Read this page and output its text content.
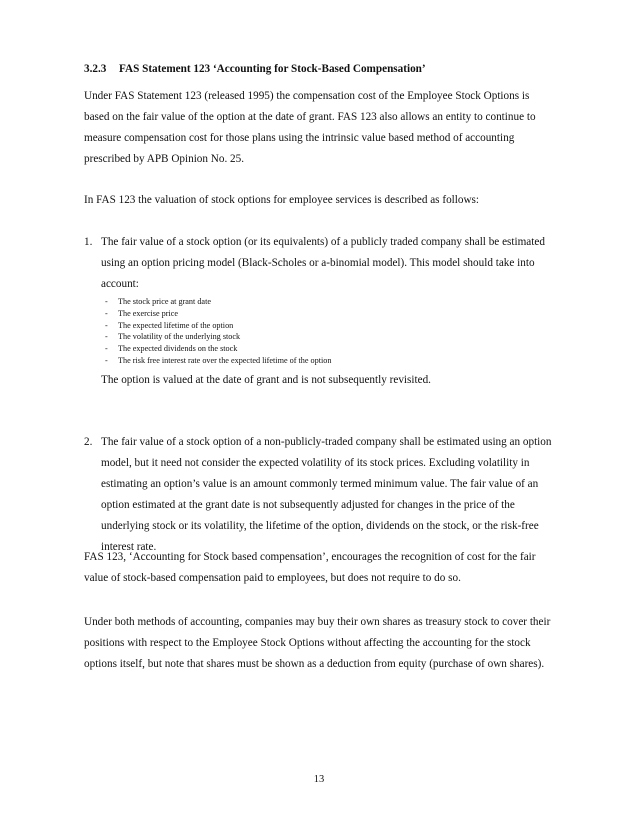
3.2.3 FAS Statement 123 ‘Accounting for Stock-Based Compensation’
Under FAS Statement 123 (released 1995) the compensation cost of the Employee Stock Options is based on the fair value of the option at the date of grant. FAS 123 also allows an entity to continue to measure compensation cost for those plans using the intrinsic value based method of accounting prescribed by APB Opinion No. 25.
In FAS 123 the valuation of stock options for employee services is described as follows:
1. The fair value of a stock option (or its equivalents) of a publicly traded company shall be estimated using an option pricing model (Black-Scholes or a-binomial model). This model should take into account:
- The stock price at grant date
- The exercise price
- The expected lifetime of the option
- The volatility of the underlying stock
- The expected dividends on the stock
- The risk free interest rate over the expected lifetime of the option
The option is valued at the date of grant and is not subsequently revisited.
2. The fair value of a stock option of a non-publicly-traded company shall be estimated using an option model, but it need not consider the expected volatility of its stock prices. Excluding volatility in estimating an option’s value is an amount commonly termed minimum value. The fair value of an option estimated at the grant date is not subsequently adjusted for changes in the price of the underlying stock or its volatility, the lifetime of the option, dividends on the stock, or the risk-free interest rate.
FAS 123, ‘Accounting for Stock based compensation’, encourages the recognition of cost for the fair value of stock-based compensation paid to employees, but does not require to do so.
Under both methods of accounting, companies may buy their own shares as treasury stock to cover their positions with respect to the Employee Stock Options without affecting the accounting for the stock options itself, but note that shares must be shown as a deduction from equity (purchase of own shares).
13
